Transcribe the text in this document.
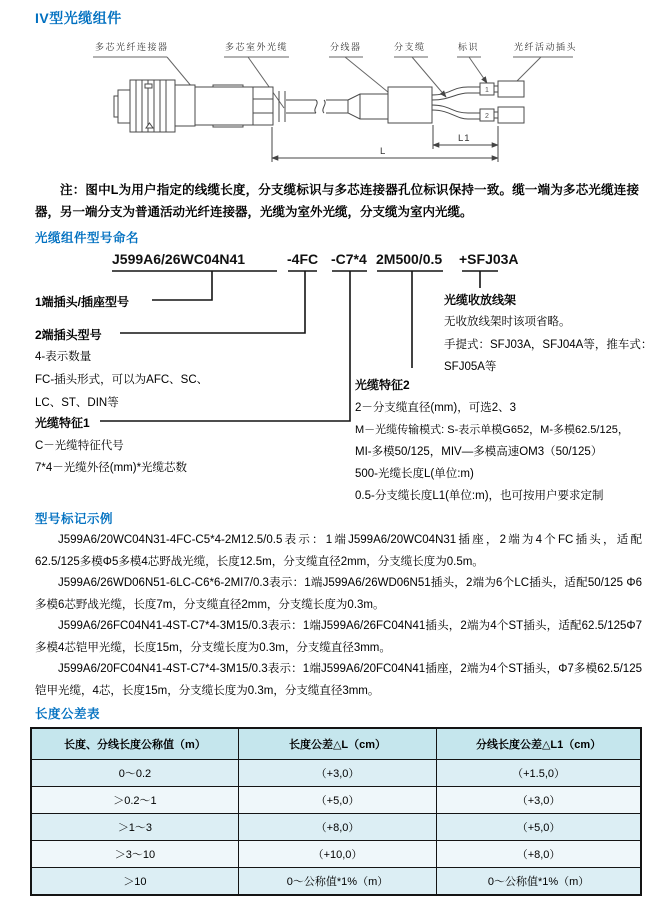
IV型光缆组件
多芯光纤连接器	多芯室外光缆	分线器	分支缆	标识	光纤活动插头
1
2
L1
L
注：图中L为用户指定的线缆长度，分支缆标识与多芯连接器孔位标识保持一致。缆一端为多芯光缆连接器，另一端分支为普通活动光纤连接器，光缆为室外光缆，分支缆为室内光缆。
光缆组件型号命名
J599A6/26WC04N41	-4FC -C7*4 2M500/0.5 +SFJ03A
1端插头/插座型号
2端插头型号
4-表示数量
FC-插头形式，可以为AFC、SC、
LC、ST、DIN等
光缆特征1
C－光缆特征代号
7*4－光缆外径(mm)*光缆芯数
光缆收放线架
无收放线架时该项省略。
手提式：SFJ03A，SFJ04A等，推车式：
SFJ05A等
光缆特征2
2－分支缆直径(mm)，可选2、3
M－光缆传输模式: S-表示单模G652，M-多模62.5/125，
MI-多模50/125，MIV—多模高速OM3（50/125）
500-光缆长度L(单位:m)
0.5-分支缆长度L1(单位:m)，也可按用户要求定制
型号标记示例

J599A6/20WC04N31-4FC-C5*4-2M12.5/0.5表示：1端J599A6/20WC04N31插座，2端为4个FC插头，适配62.5/125多模Φ5多模4芯野战光缆，长度12.5m，分支缆直径2mm，分支缆长度为0.5m。

J599A6/26WD06N51-6LC-C6*6-2MI7/0.3表示：1端J599A6/26WD06N51插头，2端为6个LC插头，适配50/125 Φ6多模6芯野战光缆，长度7m，分支缆直径2mm，分支缆长度为0.3m。

J599A6/26FC04N41-4ST-C7*4-3M15/0.3表示：1端J599A6/26FC04N41插头，2端为4个ST插头，适配62.5/125Φ7多模4芯铠甲光缆，长度15m，分支缆长度为0.3m，分支缆直径3mm。

J599A6/20FC04N41-4ST-C7*4-3M15/0.3表示：1端J599A6/20FC04N41插座，2端为4个ST插头，Φ7多模62.5/125铠甲光缆，4芯，长度15m，分支缆长度为0.3m，分支缆直径3mm。

长度公差表
长度、分线长度公称值（m）	长度公差△L（cm）	分线长度公差△L1（cm）
0～0.2	（+3,0）	（+1.5,0）
＞0.2～1	（+5,0）	（+3,0）
＞1～3	（+8,0）	（+5,0）
＞3～10	（+10,0）	（+8,0）
＞10	0～公称值*1%（m）	0～公称值*1%（m）
